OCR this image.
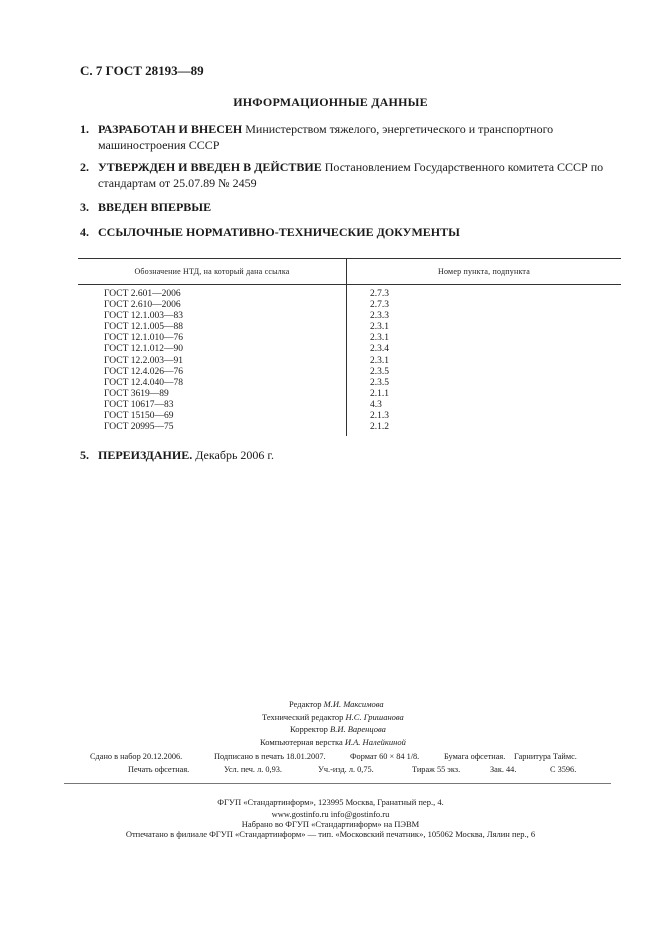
С. 7 ГОСТ 28193—89
ИНФОРМАЦИОННЫЕ ДАННЫЕ
1. РАЗРАБОТАН И ВНЕСЕН Министерством тяжелого, энергетического и транспортного машиностроения СССР
2. УТВЕРЖДЕН И ВВЕДЕН В ДЕЙСТВИЕ Постановлением Государственного комитета СССР по стандартам от 25.07.89 № 2459
3. ВВЕДЕН ВПЕРВЫЕ
4. ССЫЛОЧНЫЕ НОРМАТИВНО-ТЕХНИЧЕСКИЕ ДОКУМЕНТЫ
Обозначение НТД, на который дана ссылка	Номер пункта, подпункта
ГОСТ 2.601—2006	2.7.3
ГОСТ 2.610—2006	2.7.3
ГОСТ 12.1.003—83	2.3.3
ГОСТ 12.1.005—88	2.3.1
ГОСТ 12.1.010—76	2.3.1
ГОСТ 12.1.012—90	2.3.4
ГОСТ 12.2.003—91	2.3.1
ГОСТ 12.4.026—76	2.3.5
ГОСТ 12.4.040—78	2.3.5
ГОСТ 3619—89	2.1.1
ГОСТ 10617—83	4.3
ГОСТ 15150—69	2.1.3
ГОСТ 20995—75	2.1.2
5. ПЕРЕИЗДАНИЕ. Декабрь 2006 г.
Редактор М.И. Максимова
Технический редактор Н.С. Гришанова
Корректор В.И. Варенцова
Компьютерная верстка И.А. Налейкиной
Сдано в набор 20.12.2006.	Подписано в печать 18.01.2007.	Формат 60 × 84 1/8.	Бумага офсетная. Гарнитура Таймс.
Печать офсетная.	Усл. печ. л. 0,93.	Уч.-изд. л. 0,75.	Тираж 55 экз.	Зак. 44.	С 3596.
ФГУП «Стандартинформ», 123995 Москва, Гранатный пер., 4.
www.gostinfo.ru info@gostinfo.ru
Набрано во ФГУП «Стандартинформ» на ПЭВМ
Отпечатано в филиале ФГУП «Стандартинформ» — тип. «Московский печатник», 105062 Москва, Лялин пер., 6
